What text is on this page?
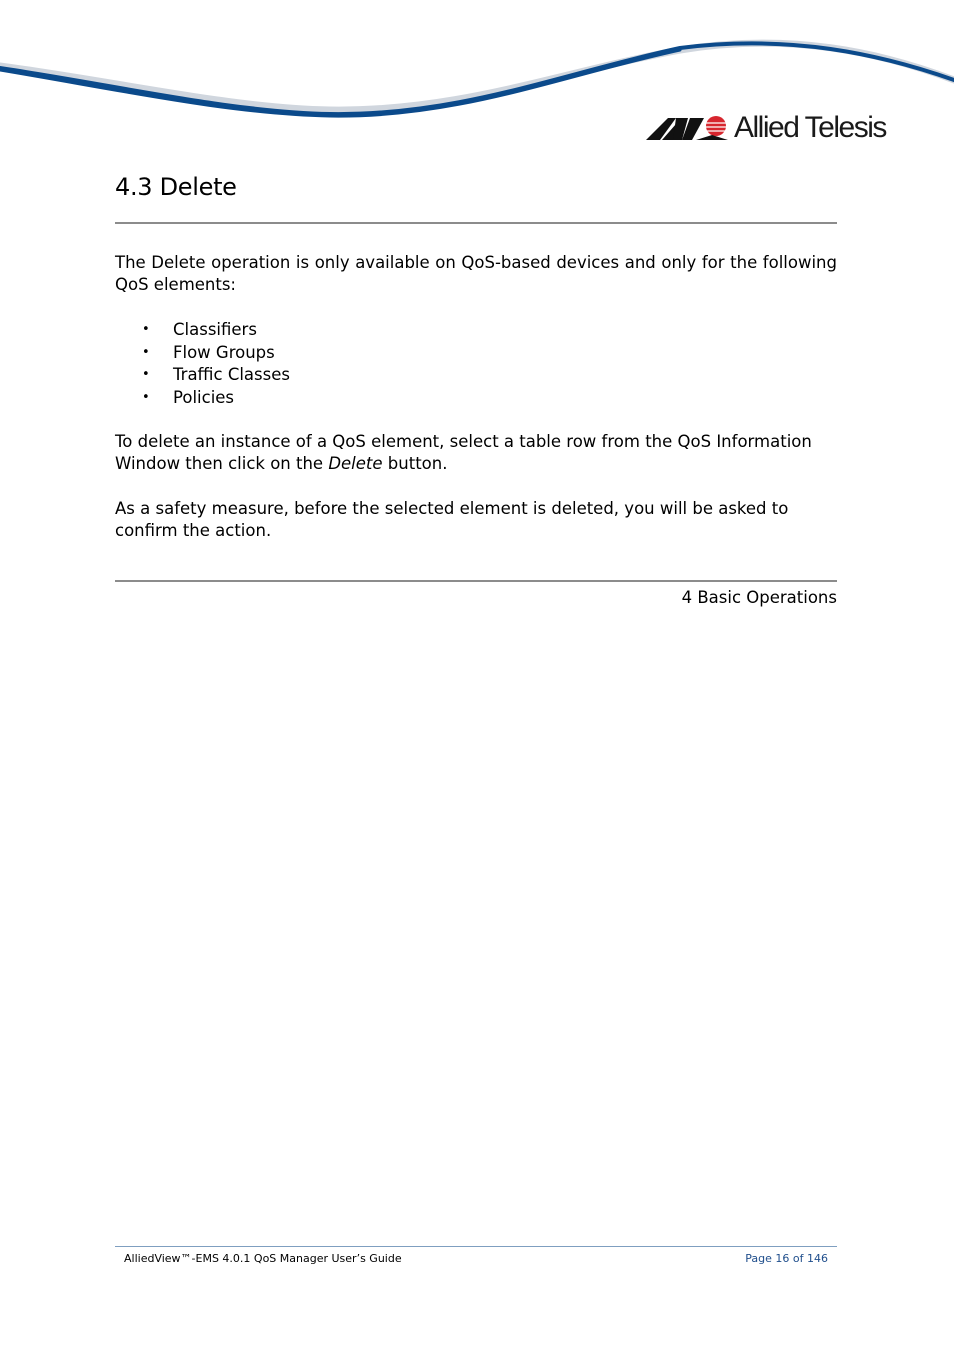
Allied Telesis
4.3 Delete

The Delete operation is only available on QoS-based devices and only for the following QoS elements:

•	Classifiers
•	Flow Groups
•	Traffic Classes
•	Policies

To delete an instance of a QoS element, select a table row from the QoS Information Window then click on the Delete button.

As a safety measure, before the selected element is deleted, you will be asked to confirm the action.

4 Basic Operations
AlliedView™-EMS 4.0.1 QoS Manager User’s Guide	Page 16 of 146
